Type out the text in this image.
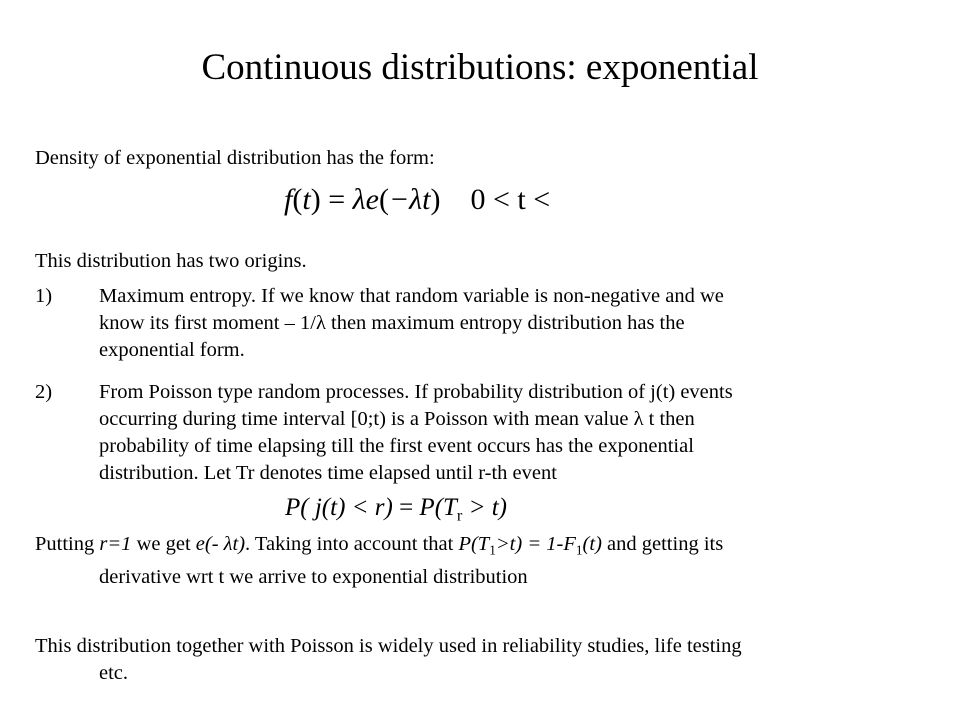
Continuous distributions: exponential
Density of exponential distribution has the form:
f(t) = λe(−λt)    0 < t <
This distribution has two origins.
1) Maximum entropy. If we know that random variable is non-negative and we
know its first moment – 1/λ then maximum entropy distribution has the
exponential form.
2) From Poisson type random processes. If probability distribution of j(t) events
occurring during time interval [0;t) is a Poisson with mean value λ t then
probability of time elapsing till the first event occurs has the exponential
distribution. Let Tr denotes time elapsed until r-th event
P( $j(t) < r) = P(T_r > t)$
Putting r=1 we get e(- λt). Taking into account that $P(T_1>t) = 1-F_1(t)$ and getting its
derivative wrt t we arrive to exponential distribution
This distribution together with Poisson is widely used in reliability studies, life testing
etc.
